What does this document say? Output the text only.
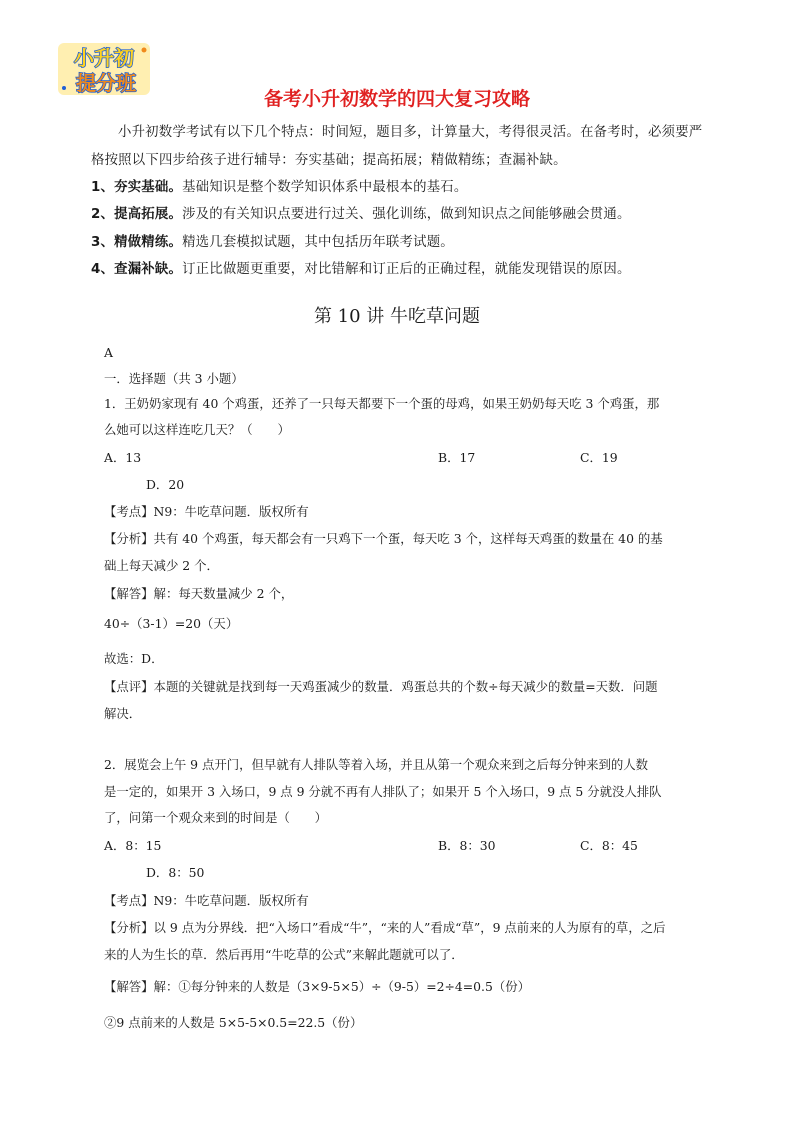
小升初
提分班
备考小升初数学的四大复习攻略
小升初数学考试有以下几个特点：时间短，题目多，计算量大，考得很灵活。在备考时，必须要严
格按照以下四步给孩子进行辅导：夯实基础；提高拓展；精做精练；查漏补缺。
1、夯实基础。基础知识是整个数学知识体系中最根本的基石。
2、提高拓展。涉及的有关知识点要进行过关、强化训练，做到知识点之间能够融会贯通。
3、精做精练。精选几套模拟试题，其中包括历年联考试题。
4、查漏补缺。订正比做题更重要，对比错解和订正后的正确过程，就能发现错误的原因。
第 10 讲 牛吃草问题
A
一．选择题（共 3 小题）
1．王奶奶家现有 40 个鸡蛋，还养了一只每天都要下一个蛋的母鸡，如果王奶奶每天吃 3 个鸡蛋，那
么她可以这样连吃几天？（　　）
A．13	B．17	C．19
D．20
【考点】N9：牛吃草问题．版权所有
【分析】共有 40 个鸡蛋，每天都会有一只鸡下一个蛋，每天吃 3 个，这样每天鸡蛋的数量在 40 的基
础上每天减少 2 个．
【解答】解：每天数量减少 2 个，
40÷（3-1）=20（天）
故选：D．
【点评】本题的关键就是找到每一天鸡蛋减少的数量．鸡蛋总共的个数÷每天减少的数量=天数．问题
解决．
2．展览会上午 9 点开门，但早就有人排队等着入场，并且从第一个观众来到之后每分钟来到的人数
是一定的，如果开 3 入场口，9 点 9 分就不再有人排队了；如果开 5 个入场口，9 点 5 分就没人排队
了，问第一个观众来到的时间是（　　）
A．8：15	B．8：30	C．8：45
D．8：50
【考点】N9：牛吃草问题．版权所有
【分析】以 9 点为分界线．把“入场口”看成“牛”，“来的人”看成“草”，9 点前来的人为原有的草，之后
来的人为生长的草．然后再用“牛吃草的公式”来解此题就可以了．
【解答】解：①每分钟来的人数是（3×9-5×5）÷（9-5）=2÷4=0.5（份）
②9 点前来的人数是 5×5-5×0.5=22.5（份）
